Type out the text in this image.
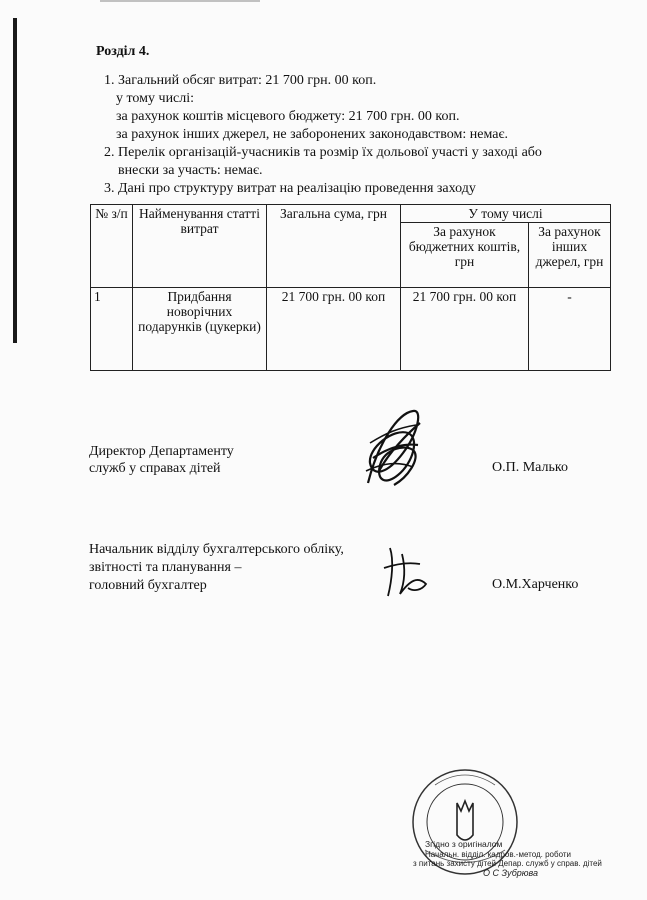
Розділ 4.
1. Загальний обсяг витрат: 21 700 грн. 00 коп.
у тому числі:
за рахунок коштів місцевого бюджету: 21 700 грн. 00 коп.
за рахунок інших джерел, не заборонених законодавством: немає.
2. Перелік організацій-учасників та розмір їх дольової участі у заході або
внески за участь: немає.
3. Дані про структуру витрат на реалізацію проведення заходу
№ з/п	Найменування статті витрат	Загальна сума, грн	У тому числі	
			За рахунок бюджетних коштів, грн	За рахунок інших джерел, грн
1	Придбання новорічних подарунків (цукерки)	21 700 грн. 00 коп	21 700 грн. 00 коп	-
Директор Департаменту
служб у справах дітей	О.П. Малько
Начальник відділу бухгалтерського обліку,
звітності та планування –
головний бухгалтер	О.М.Харченко
Згідно з оригіналом
Начальн. відділ. кадров.-метод. роботи
з питань захисту дітей Депар. служб у справ. дітей
О С Зубрюва
